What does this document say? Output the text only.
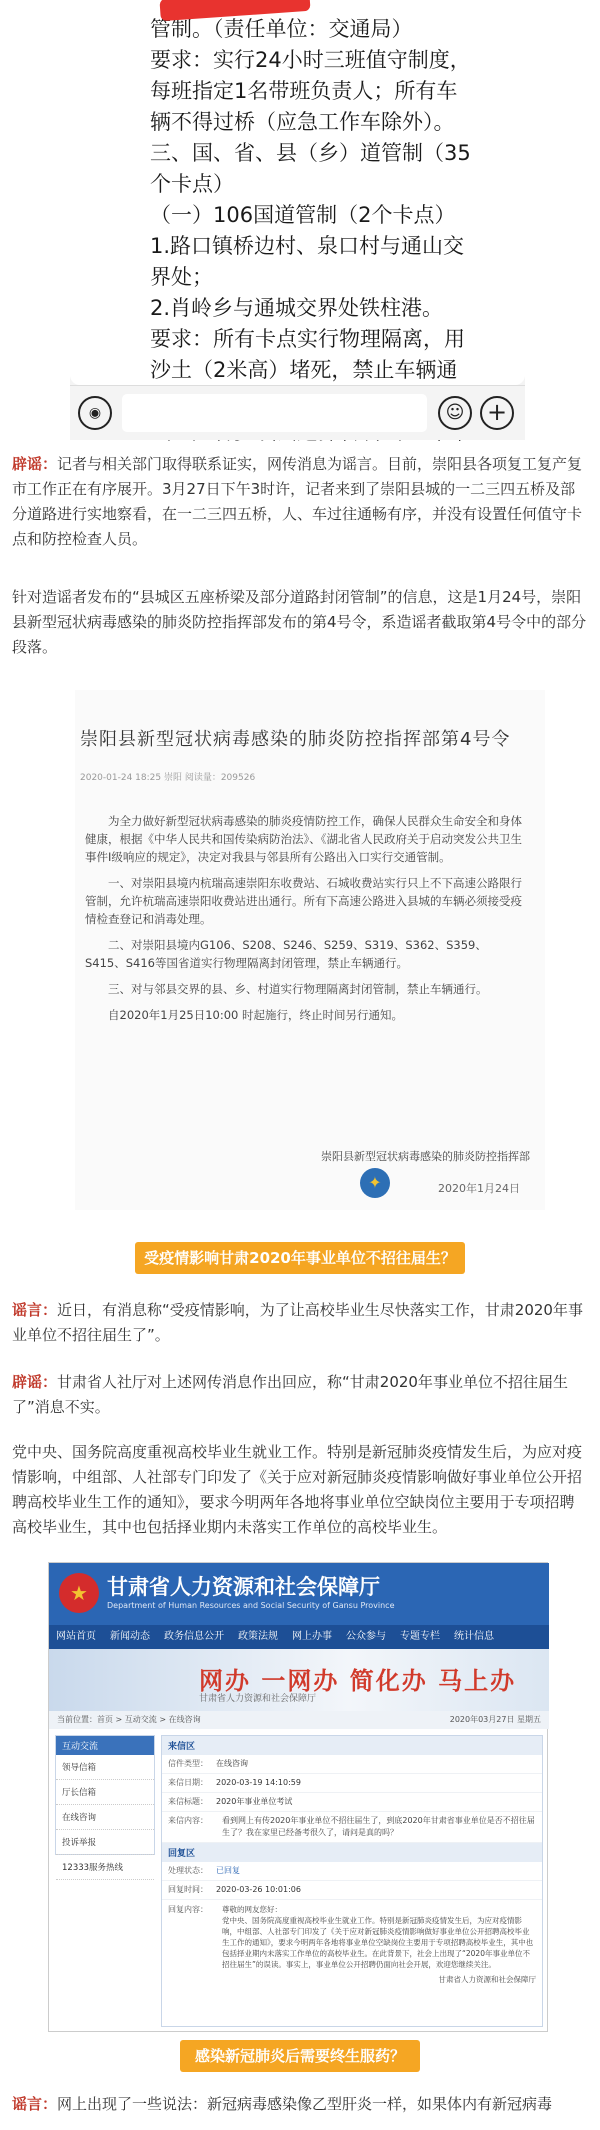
管制。（责任单位：交通局）
要求：实行24小时三班值守制度，
每班指定1名带班负责人；所有车
辆不得过桥（应急工作车除外）。
三、国、省、县（乡）道管制（35
个卡点）
（一）106国道管制（2个卡点）
1.路口镇桥边村、泉口村与通山交
界处；
2.肖岭乡与通城交界处铁柱港。
要求：所有卡点实行物理隔离，用
沙土（2米高）堵死，禁止车辆通

◉	☺ +
辟谣：记者与相关部门取得联系证实，网传消息为谣言。目前，崇阳县各项复工复产复市工作正在有序展开。3月27日下午3时许，记者来到了崇阳县城的一二三四五桥及部分道路进行实地察看，在一二三四五桥，人、车过往通畅有序，并没有设置任何值守卡点和防控检查人员。
针对造谣者发布的“县城区五座桥梁及部分道路封闭管制”的信息，这是1月24号，崇阳县新型冠状病毒感染的肺炎防控指挥部发布的第4号令，系造谣者截取第4号令中的部分段落。
崇阳县新型冠状病毒感染的肺炎防控指挥部第4号令
2020-01-24 18:25 崇阳 阅读量：209526

为全力做好新型冠状病毒感染的肺炎疫情防控工作，确保人民群众生命安全和身体健康，根据《中华人民共和国传染病防治法》、《湖北省人民政府关于启动突发公共卫生事件I级响应的规定》，决定对我县与邻县所有公路出入口实行交通管制。

一、对崇阳县境内杭瑞高速崇阳东收费站、石城收费站实行只上不下高速公路限行管制，允许杭瑞高速崇阳收费站进出通行。所有下高速公路进入县城的车辆必须接受疫情检查登记和消毒处理。

二、对崇阳县境内G106、S208、S246、S259、S319、S362、S359、S415、S416等国省道实行物理隔离封闭管理，禁止车辆通行。

三、对与邻县交界的县、乡、村道实行物理隔离封闭管制，禁止车辆通行。

自2020年1月25日10:00 时起施行，终止时间另行通知。

崇阳县新型冠状病毒感染的肺炎防控指挥部
✦	2020年1月24日
受疫情影响甘肃2020年事业单位不招往届生？
谣言：近日，有消息称“受疫情影响，为了让高校毕业生尽快落实工作，甘肃2020年事业单位不招往届生了”。
辟谣：甘肃省人社厅对上述网传消息作出回应，称“甘肃2020年事业单位不招往届生了”消息不实。
党中央、国务院高度重视高校毕业生就业工作。特别是新冠肺炎疫情发生后，为应对疫情影响，中组部、人社部专门印发了《关于应对新冠肺炎疫情影响做好事业单位公开招聘高校毕业生工作的通知》，要求今明两年各地将事业单位空缺岗位主要用于专项招聘高校毕业生，其中也包括择业期内未落实工作单位的高校毕业生。
★ 甘肃省人力资源和社会保障厅
Department of Human Resources and Social Security of Gansu Province
网站首页	新闻动态	政务信息公开	政策法规	网上办事	公众参与	专题专栏	统计信息
网办 一网办 简化办 马上办
甘肃省人力资源和社会保障厅
当前位置：首页 > 互动交流 > 在线咨询	2020年03月27日 星期五
互动交流
领导信箱
厅长信箱
在线咨询
投诉举报
12333服务热线
来信区
信件类型： 在线咨询
来信日期： 2020-03-19 14:10:59
来信标题： 2020年事业单位考试
来信内容： 看到网上有传2020年事业单位不招往届生了，到底2020年甘肃省事业单位是否不招往届生了？我在家里已经备考很久了，请问是真的吗？
回复区
处理状态： 已回复
回复时间： 2020-03-26 10:01:06
回复内容： 尊敬的网友您好：
党中央、国务院高度重视高校毕业生就业工作。特别是新冠肺炎疫情发生后，为应对疫情影响，中组部、人社部专门印发了《关于应对新冠肺炎疫情影响做好事业单位公开招聘高校毕业生工作的通知》，要求今明两年各地将事业单位空缺岗位主要用于专项招聘高校毕业生，其中也包括择业期内未落实工作单位的高校毕业生。在此背景下，社会上出现了“2020年事业单位不招往届生”的误读。事实上，事业单位公开招聘仍面向社会开展，欢迎您继续关注。
甘肃省人力资源和社会保障厅
感染新冠肺炎后需要终生服药？
谣言：网上出现了一些说法：新冠病毒感染像乙型肝炎一样，如果体内有新冠病毒
